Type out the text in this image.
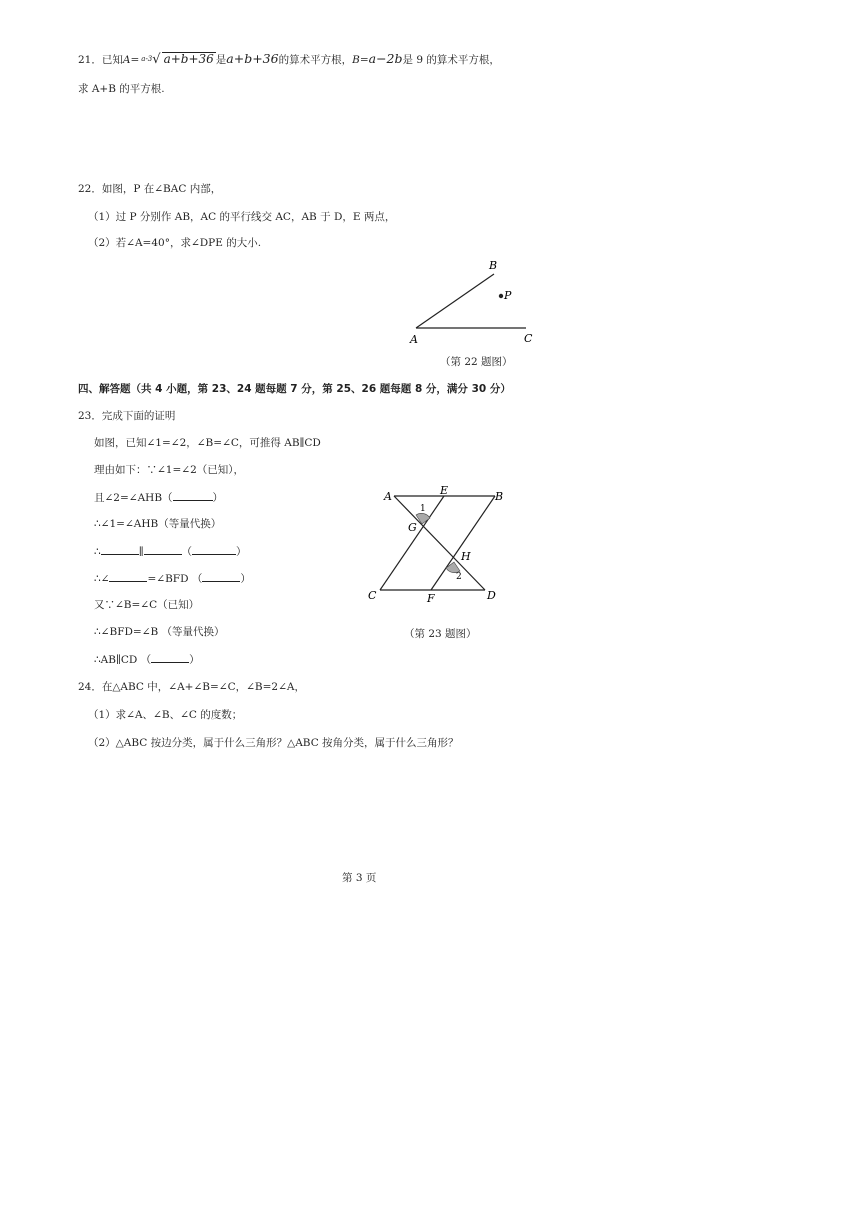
21．已知A= $^{a-3}$√ a+b+36 是a+b+36的算术平方根，B=a−2b是 9 的算术平方根，
求 A+B 的平方根.
22．如图，P 在∠BAC 内部，
（1）过 P 分别作 AB，AC 的平行线交 AC，AB 于 D，E 两点，
（2）若∠A=40°，求∠DPE 的大小.
A
B
C
P
（第 22 题图）
四、解答题（共 4 小题，第 23、24 题每题 7 分，第 25、26 题每题 8 分，满分 30 分）
23．完成下面的证明
如图，已知∠1=∠2，∠B=∠C，可推得 AB∥CD
理由如下：∵∠1=∠2（已知），
且∠2=∠AHB（	）
∴∠1=∠AHB（等量代换）
∴	∥	（	）
∴∠	=∠BFD （	）
又∵∠B=∠C（已知）
∴∠BFD=∠B （等量代换）
∴AB∥CD （	）
A	E	B
G
1
H
2
C	F	D
（第 23 题图）
24．在△ABC 中，∠A+∠B=∠C，∠B=2∠A，
（1）求∠A、∠B、∠C 的度数；
（2）△ABC 按边分类，属于什么三角形？△ABC 按角分类，属于什么三角形？
第 3 页
